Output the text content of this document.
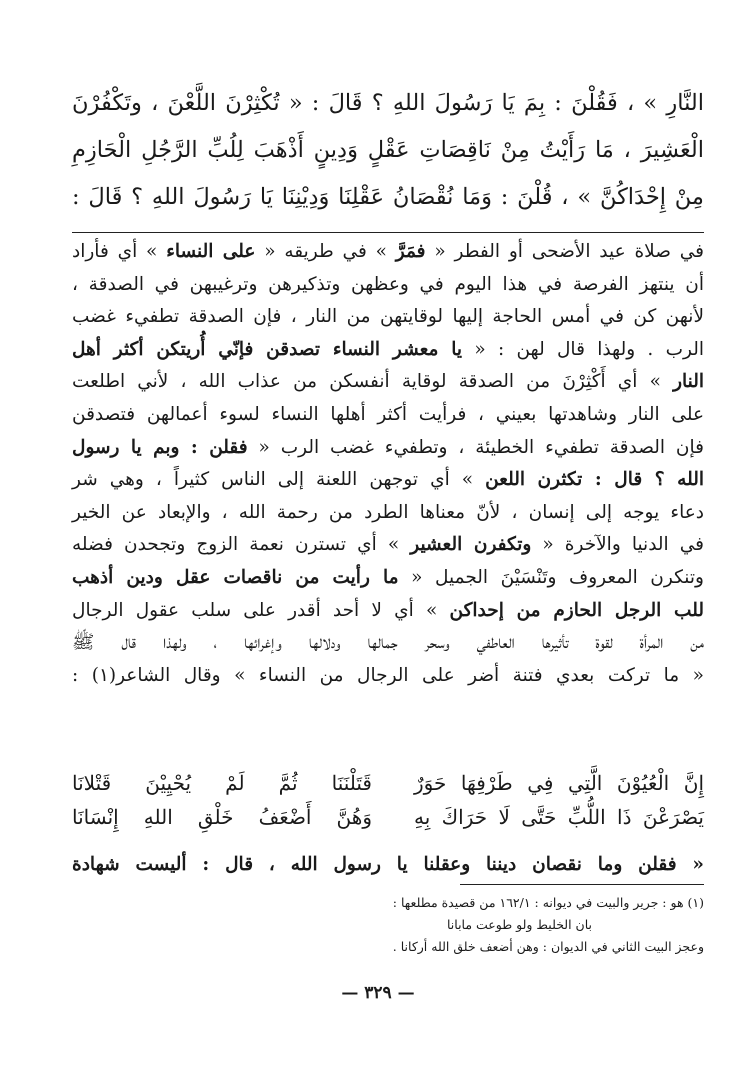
النَّارِ » ، فَقُلْنَ : بِمَ يَا رَسُولَ اللهِ ؟ قَالَ : « تُكْثِرْنَ اللَّعْنَ ، وتَكْفُرْنَ

الْعَشِيرَ ، مَا رَأَيْتُ مِنْ نَاقِصَاتِ عَقْلٍ وَدِينٍ أَذْهَبَ لِلُبِّ الرَّجُلِ الْحَازِمِ

مِنْ إِحْدَاكُنَّ » ، قُلْنَ : وَمَا نُقْصَانُ عَقْلِنَا وَدِيْنِنَا يَا رَسُولَ اللهِ ؟ قَالَ :

في صلاة عيد الأضحى أو الفطر « فمَرَّ » في طريقه « على النساء » أي فأراد

أن ينتهز الفرصة في هذا اليوم في وعظهن وتذكيرهن وترغيبهن في الصدقة ،

لأنهن كن في أمس الحاجة إليها لوقايتهن من النار ، فإن الصدقة تطفيء غضب

الرب . ولهذا قال لهن : « يا معشر النساء تصدقن فإنّي أُريتكن أكثر أهل

النار » أي أَكْثِرْنَ من الصدقة لوقاية أنفسكن من عذاب الله ، لأني اطلعت

على النار وشاهدتها بعيني ، فرأيت أكثر أهلها النساء لسوء أعمالهن فتصدقن

فإن الصدقة تطفيء الخطيئة ، وتطفيء غضب الرب « فقلن : وبم يا رسول

الله ؟ قال : تكثرن اللعن » أي توجهن اللعنة إلى الناس كثيراً ، وهي شر

دعاء يوجه إلى إنسان ، لأنّ معناها الطرد من رحمة الله ، والإبعاد عن الخير

في الدنيا والآخرة « وتكفرن العشير » أي تسترن نعمة الزوج وتجحدن فضله

وتنكرن المعروف وتَنْسَيْنَ الجميل « ما رأيت من ناقصات عقل ودين أذهب

للب الرجل الحازم من إحداكن » أي لا أحد أقدر على سلب عقول الرجال

من المرأة لقوة تأثيرها العاطفي وسحر جمالها ودلالها وإغرائها ، ولهذا قال ﷺ

« ما تركت بعدي فتنة أضر على الرجال من النساء » وقال الشاعر(١) :

إِنَّ الْعُيُوْنَ الَّتِي فِي طَرْفِهَا حَوَرٌ
قَتَلْنَنَا ثُمَّ لَمْ يُحْيِيْنَ قَتْلانَا
يَصْرَعْنَ ذَا اللُّبِّ حَتَّى لَا حَرَاكَ بِهِ
وَهُنَّ أَضْعَفُ خَلْقِ اللهِ إِنْسَانَا
« فقلن وما نقصان ديننا وعقلنا يا رسول الله ، قال : أليست شهادة

(١) هو : جرير والبيت في ديوانه : ١٦٢/١ من قصيدة مطلعها :

بان الخليط ولو طوعت مابانا

وعجز البيت الثاني في الديوان : وهن أضعف خلق الله أركانا .

— ٣٢٩ —
